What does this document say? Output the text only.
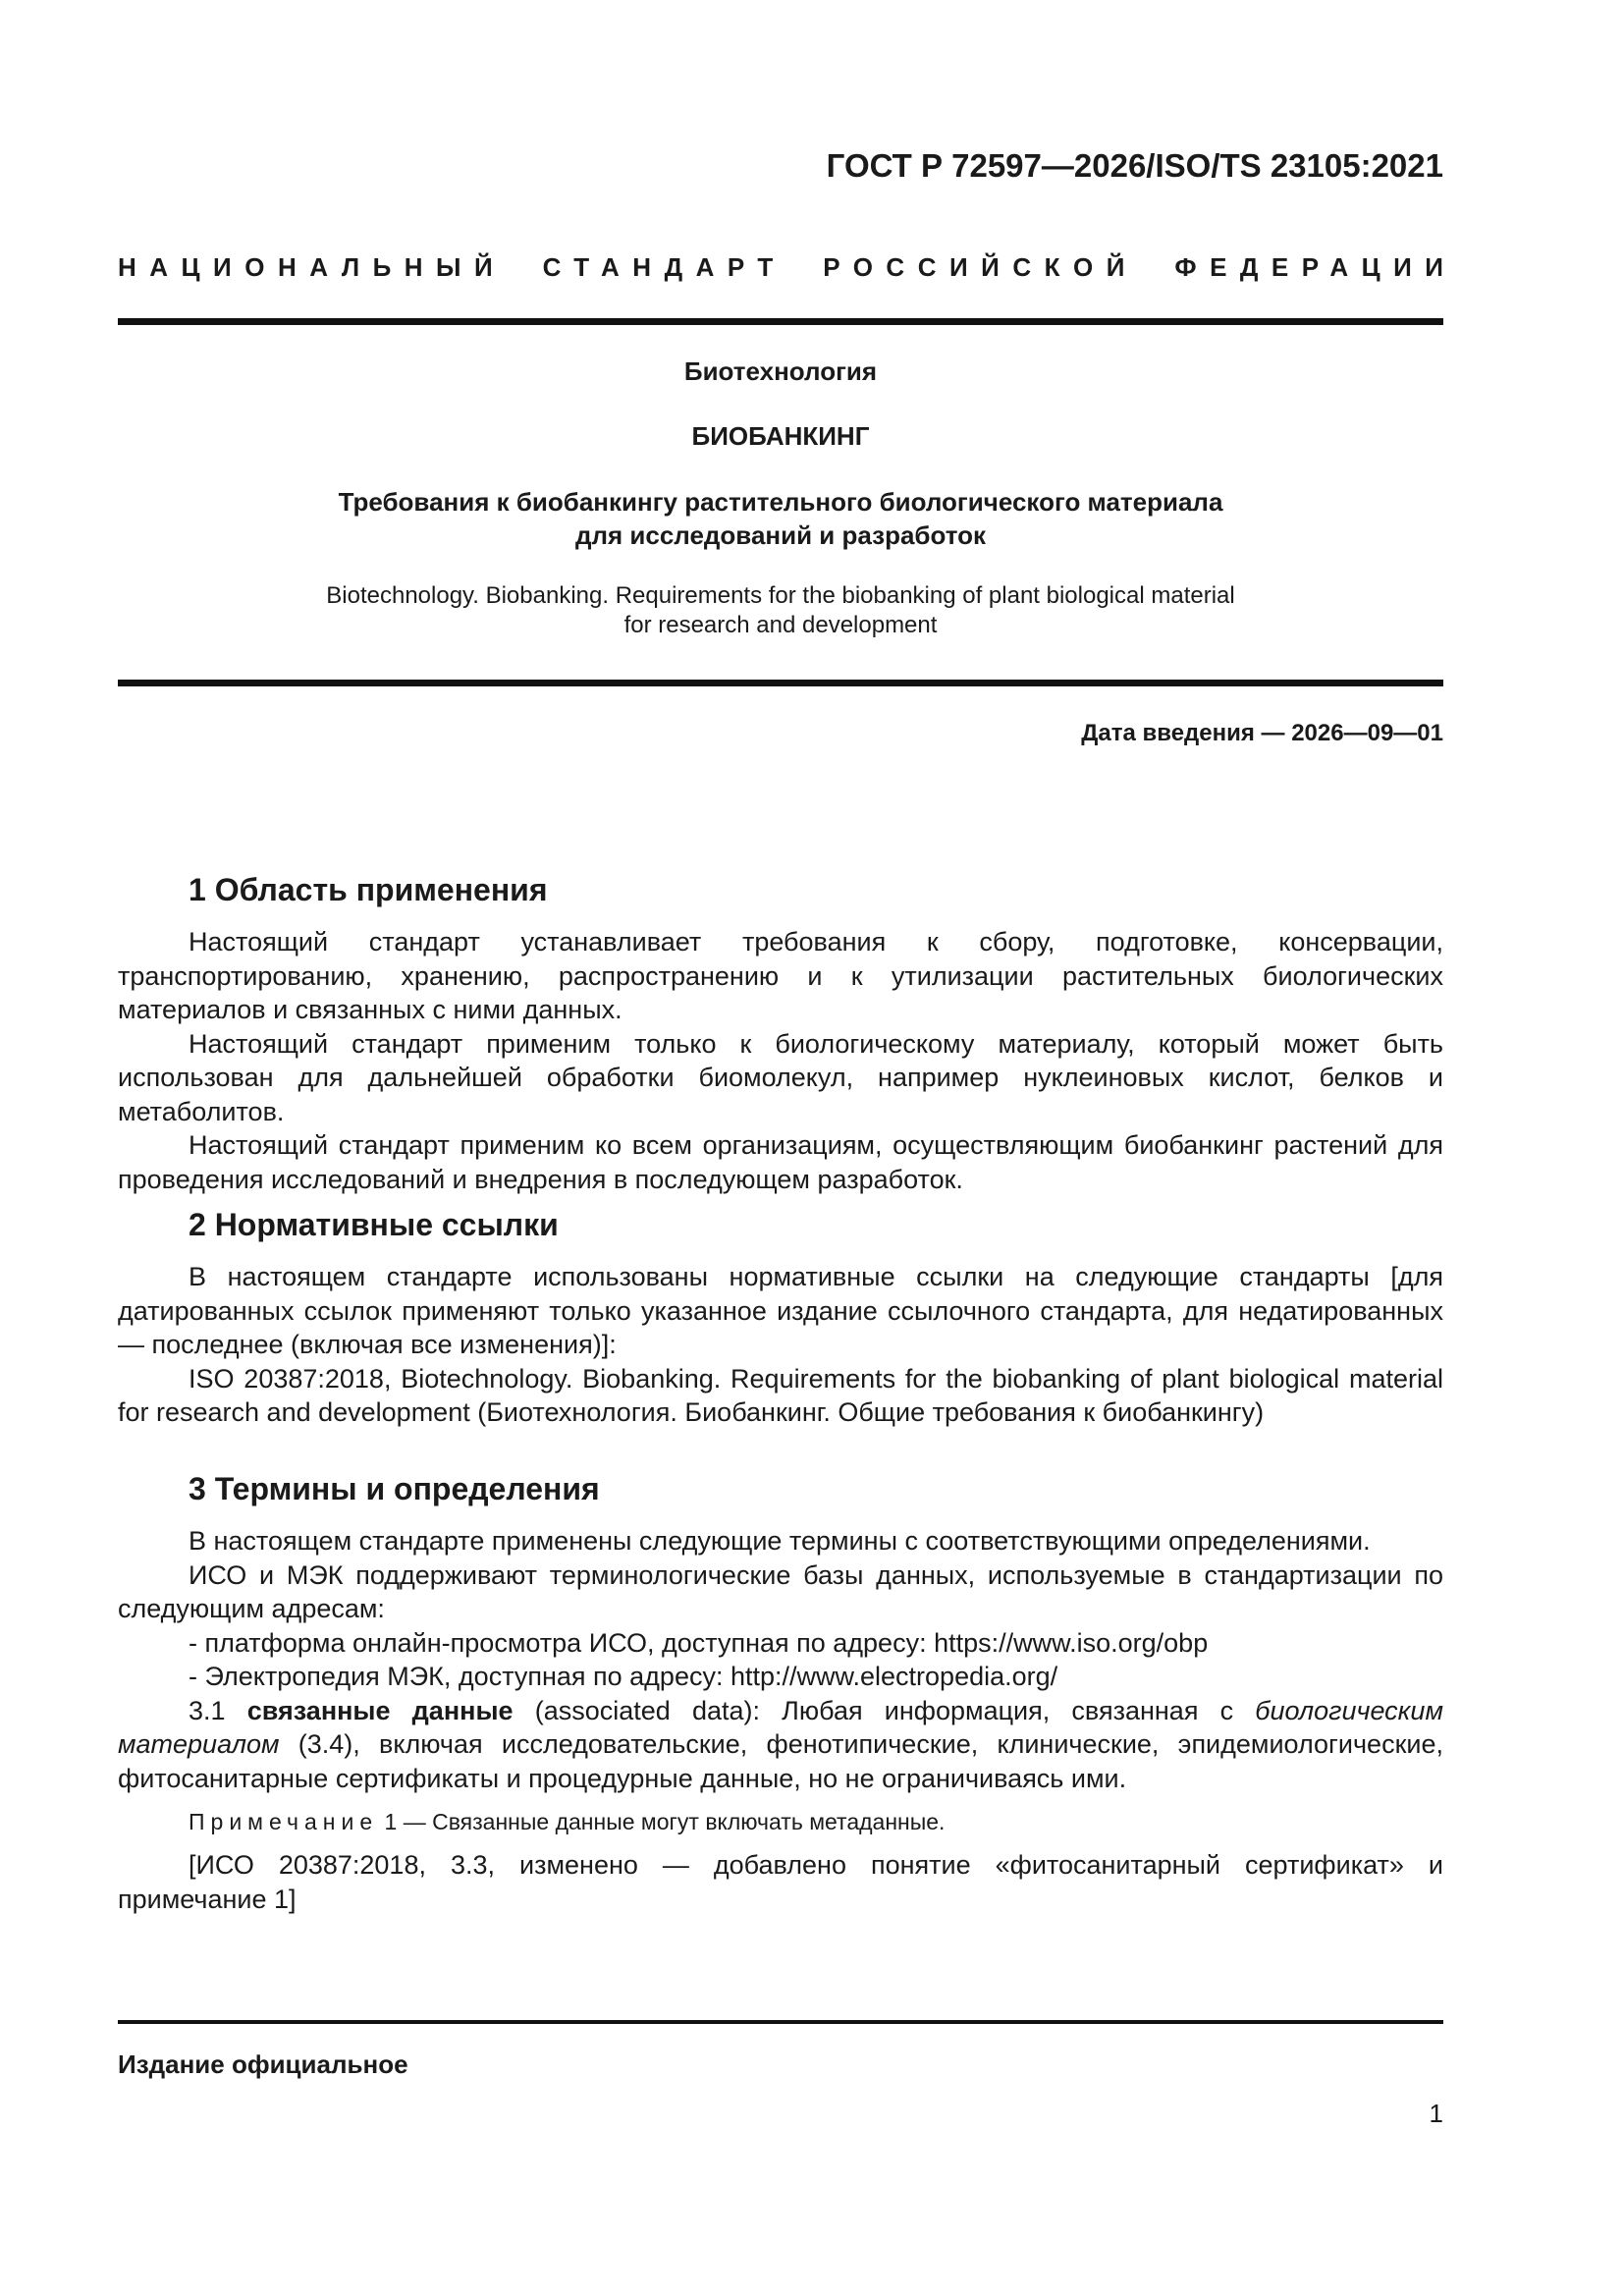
ГОСТ Р 72597—2026/ISO/TS 23105:2021
НАЦИОНАЛЬНЫЙ СТАНДАРТ РОССИЙСКОЙ ФЕДЕРАЦИИ
Биотехнология
БИОБАНКИНГ
Требования к биобанкингу растительного биологического материала
для исследований и разработок
Biotechnology. Biobanking. Requirements for the biobanking of plant biological material
for research and development
Дата введения — 2026—09—01
1 Область применения

Настоящий стандарт устанавливает требования к сбору, подготовке, консервации, транспортированию, хранению, распространению и к утилизации растительных биологических материалов и связанных с ними данных.

Настоящий стандарт применим только к биологическому материалу, который может быть использован для дальнейшей обработки биомолекул, например нуклеиновых кислот, белков и метаболитов.

Настоящий стандарт применим ко всем организациям, осуществляющим биобанкинг растений для проведения исследований и внедрения в последующем разработок.

2 Нормативные ссылки

В настоящем стандарте использованы нормативные ссылки на следующие стандарты [для датированных ссылок применяют только указанное издание ссылочного стандарта, для недатированных — последнее (включая все изменения)]:

ISO 20387:2018, Biotechnology. Biobanking. Requirements for the biobanking of plant biological material for research and development (Биотехнология. Биобанкинг. Общие требования к биобанкингу)

3 Термины и определения

В настоящем стандарте применены следующие термины с соответствующими определениями.

ИСО и МЭК поддерживают терминологические базы данных, используемые в стандартизации по следующим адресам:

- платформа онлайн-просмотра ИСО, доступная по адресу: https://www.iso.org/obp

- Электропедия МЭК, доступная по адресу: http://www.electropedia.org/

3.1 связанные данные (associated data): Любая информация, связанная с биологическим материалом (3.4), включая исследовательские, фенотипические, клинические, эпидемиологические, фитосанитарные сертификаты и процедурные данные, но не ограничиваясь ими.

Примечание 1 — Связанные данные могут включать метаданные.

[ИСО 20387:2018, 3.3, изменено — добавлено понятие «фитосанитарный сертификат» и примечание 1]

Издание официальное
1
